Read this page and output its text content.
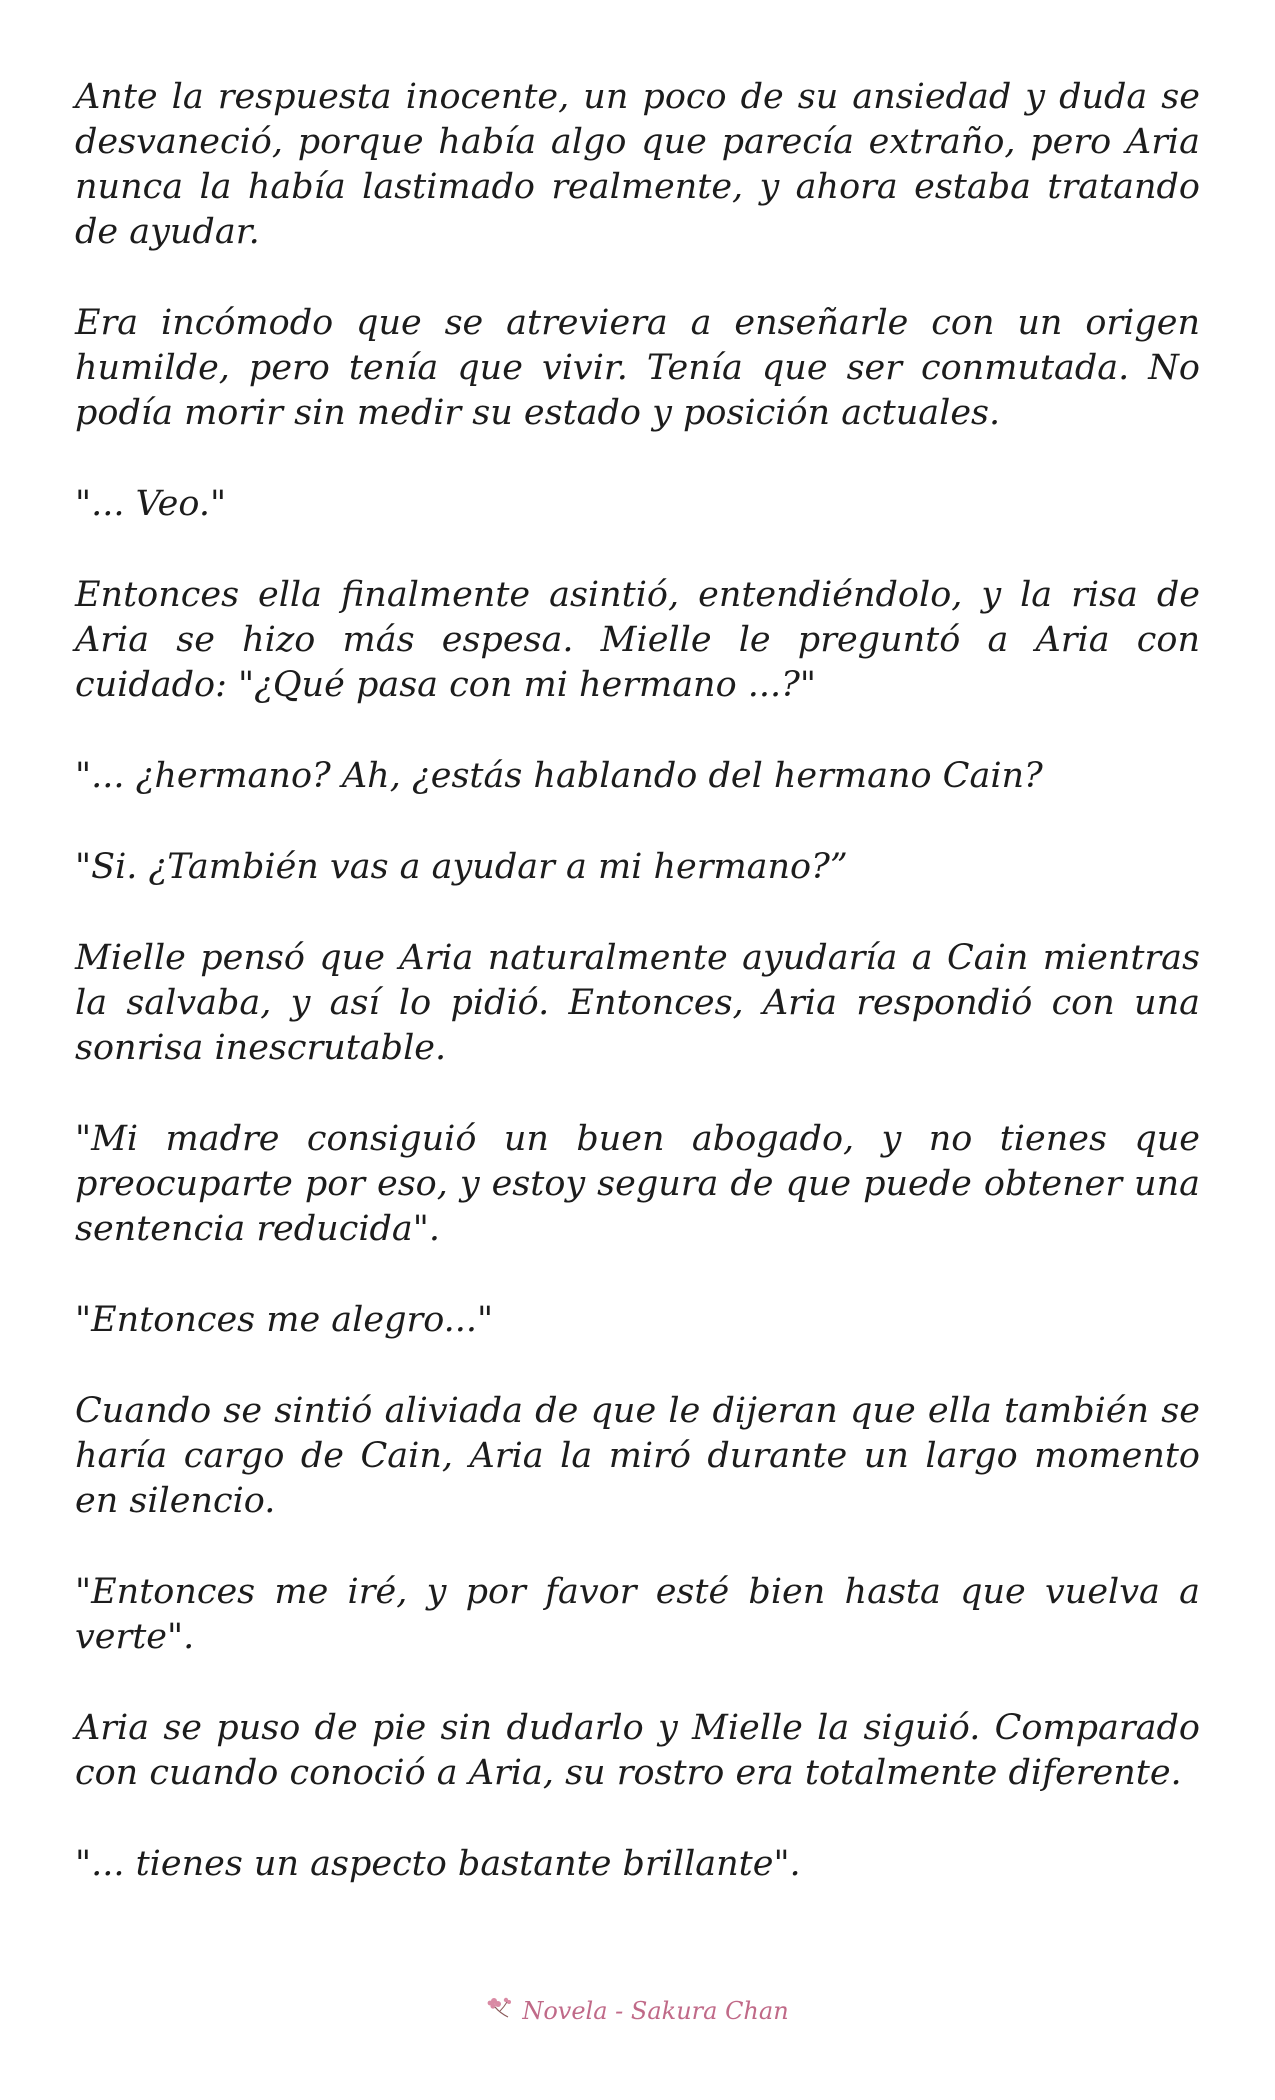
Ante la respuesta inocente, un poco de su ansiedad y duda se desvaneció, porque había algo que parecía extraño, pero Aria nunca la había lastimado realmente, y ahora estaba tratando de ayudar.

Era incómodo que se atreviera a enseñarle con un origen humilde, pero tenía que vivir. Tenía que ser conmutada. No podía morir sin medir su estado y posición actuales.

"... Veo."

Entonces ella finalmente asintió, entendiéndolo, y la risa de Aria se hizo más espesa. Mielle le preguntó a Aria con cuidado: "¿Qué pasa con mi hermano ...?"

"... ¿hermano? Ah, ¿estás hablando del hermano Cain?

"Si. ¿También vas a ayudar a mi hermano?”

Mielle pensó que Aria naturalmente ayudaría a Cain mientras la salvaba, y así lo pidió. Entonces, Aria respondió con una sonrisa inescrutable.

"Mi madre consiguió un buen abogado, y no tienes que preocuparte por eso, y estoy segura de que puede obtener una sentencia reducida".

"Entonces me alegro..."

Cuando se sintió aliviada de que le dijeran que ella también se haría cargo de Cain, Aria la miró durante un largo momento en silencio.

"Entonces me iré, y por favor esté bien hasta que vuelva a verte".

Aria se puso de pie sin dudarlo y Mielle la siguió. Comparado con cuando conoció a Aria, su rostro era totalmente diferente.

"... tienes un aspecto bastante brillante".

Novela - Sakura Chan
